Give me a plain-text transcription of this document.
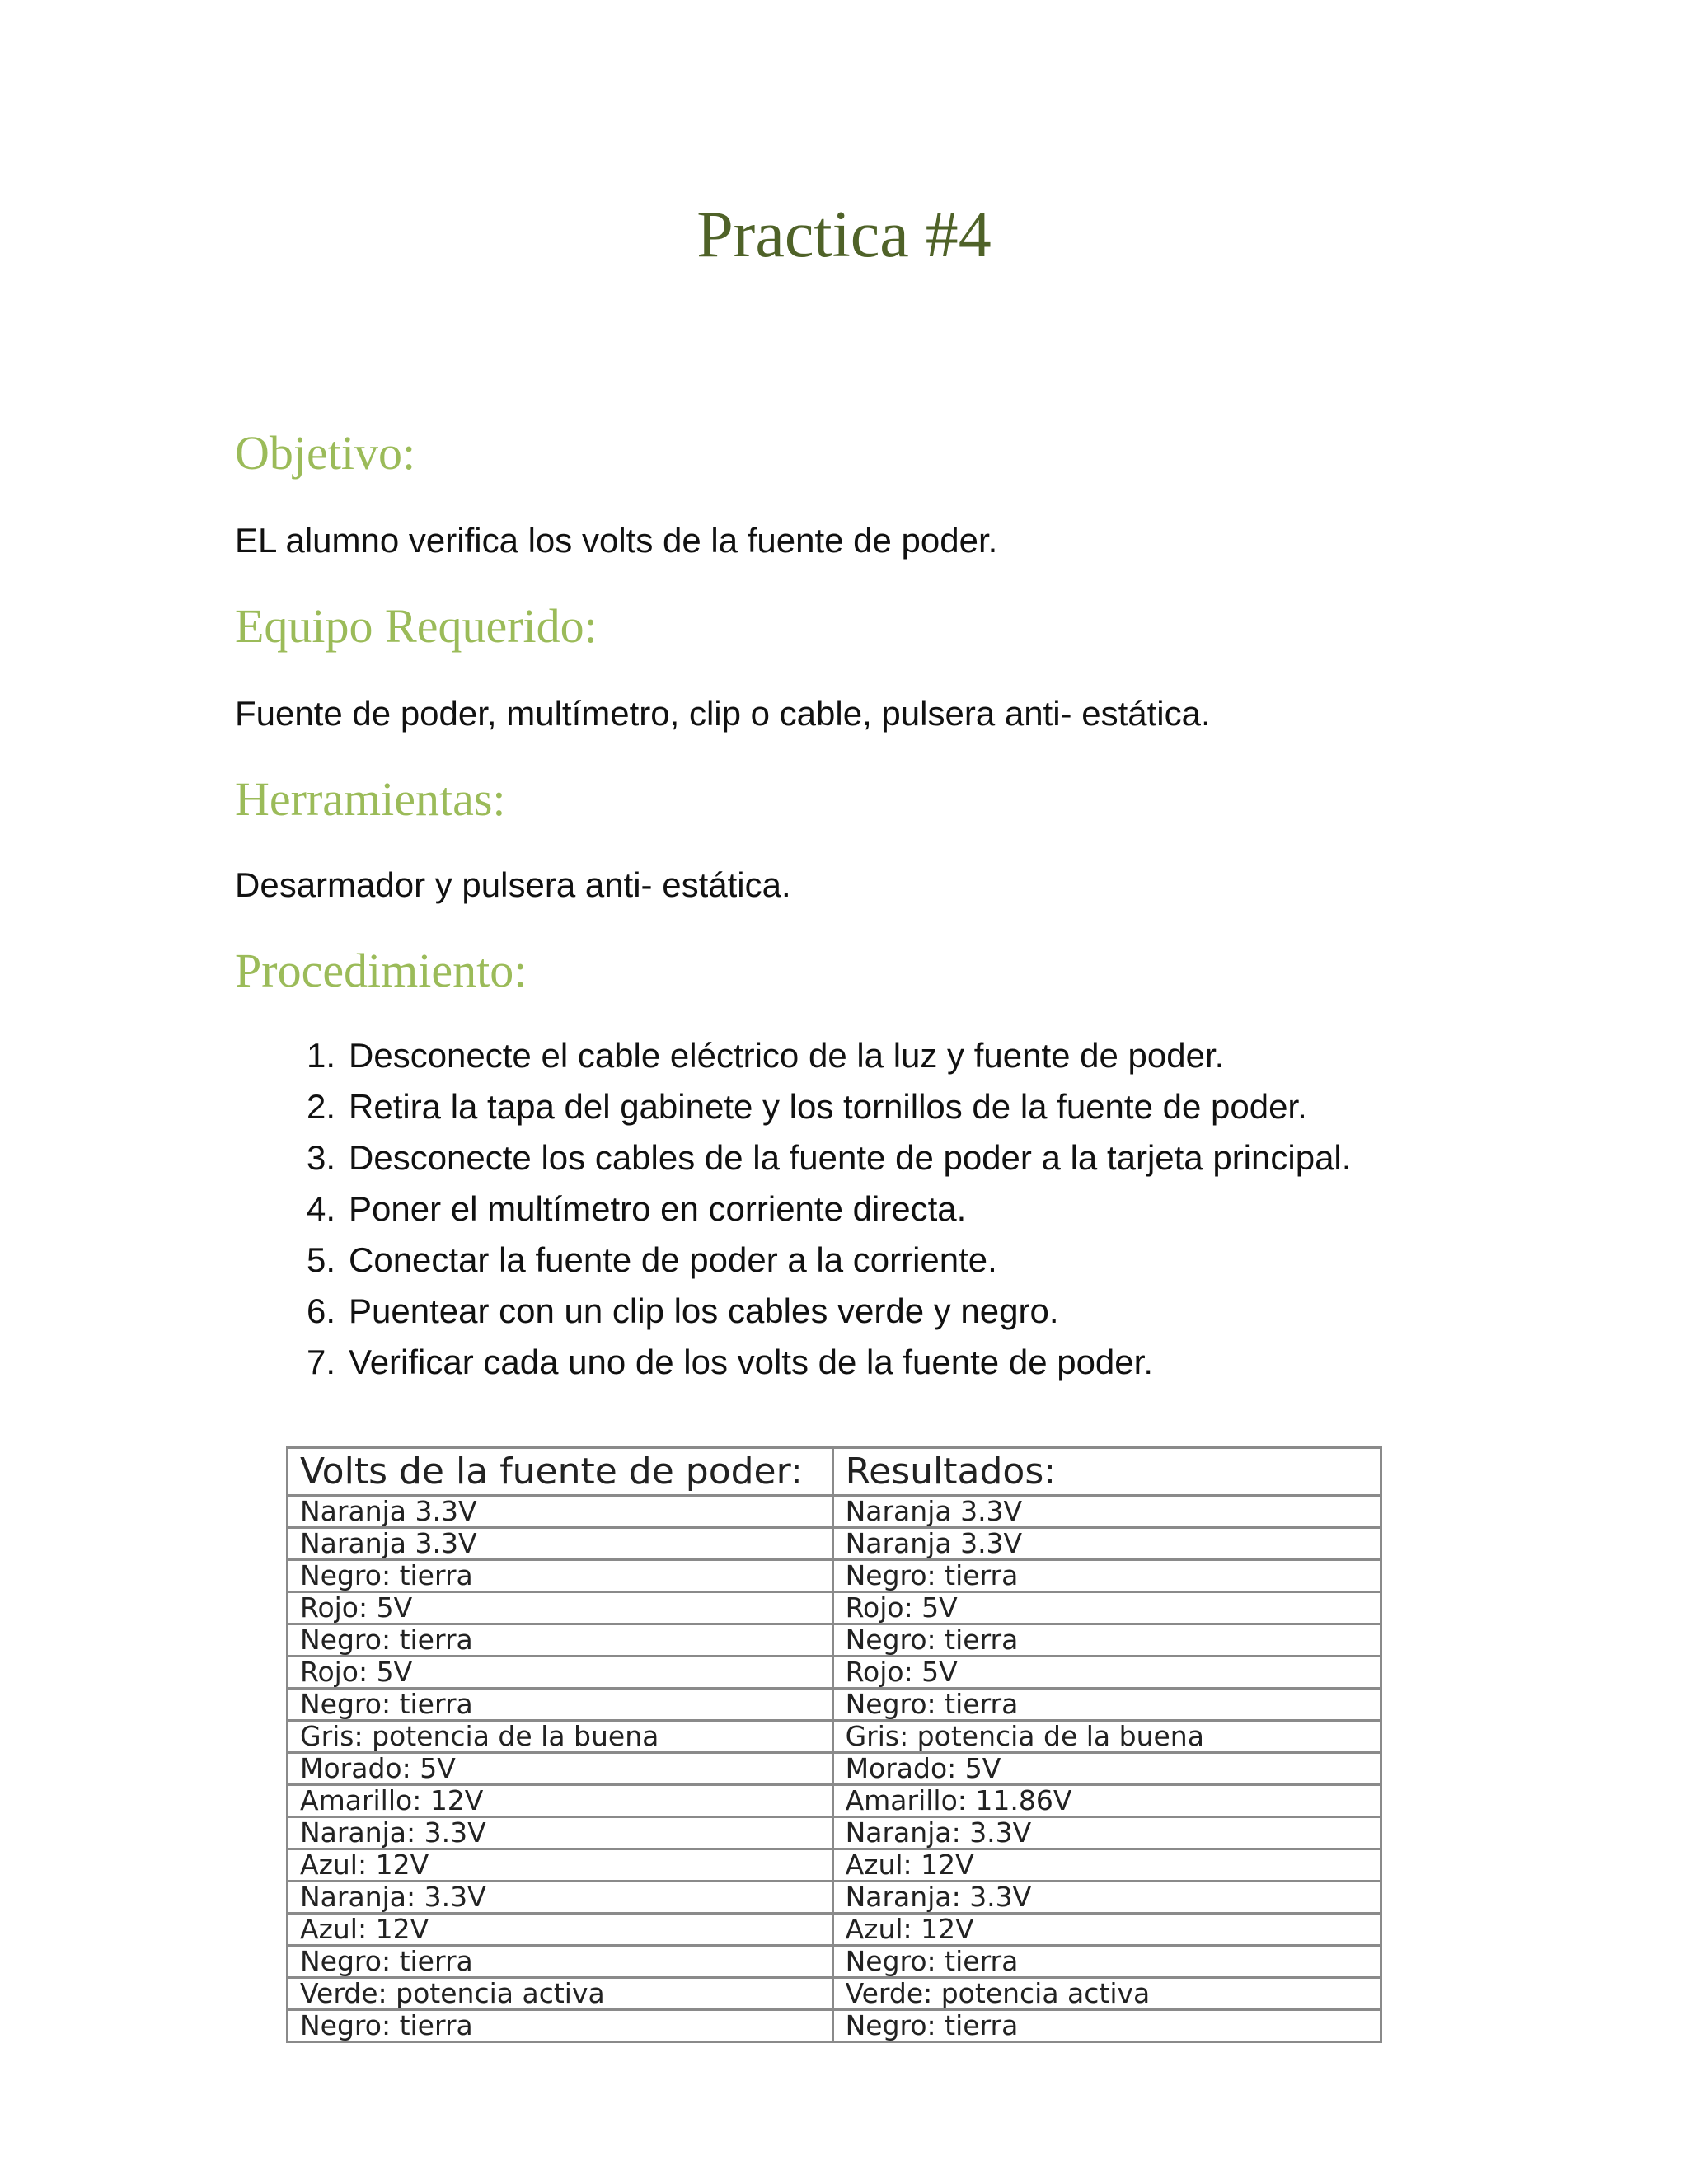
Practica #4
Objetivo:
EL alumno verifica los volts de la fuente de poder.
Equipo Requerido:
Fuente de poder, multímetro, clip o cable, pulsera anti- estática.
Herramientas:
Desarmador y pulsera anti- estática.
Procedimiento:
1. Desconecte el cable eléctrico de la luz y fuente de poder.
2. Retira la tapa del gabinete y los tornillos de la fuente de poder.
3. Desconecte los cables de la fuente de poder a la tarjeta principal.
4. Poner el multímetro en corriente directa.
5. Conectar la fuente de poder a la corriente.
6. Puentear con un clip los cables verde y negro.
7. Verificar cada uno de los volts de la fuente de poder.
Volts de la fuente de poder:	Resultados:
Naranja 3.3V	Naranja 3.3V
Naranja 3.3V	Naranja 3.3V
Negro: tierra	Negro: tierra
Rojo: 5V	Rojo: 5V
Negro: tierra	Negro: tierra
Rojo: 5V	Rojo: 5V
Negro: tierra	Negro: tierra
Gris: potencia de la buena	Gris: potencia de la buena
Morado: 5V	Morado: 5V
Amarillo: 12V	Amarillo: 11.86V
Naranja: 3.3V	Naranja: 3.3V
Azul: 12V	Azul: 12V
Naranja: 3.3V	Naranja: 3.3V
Azul: 12V	Azul: 12V
Negro: tierra	Negro: tierra
Verde: potencia activa	Verde: potencia activa
Negro: tierra	Negro: tierra
